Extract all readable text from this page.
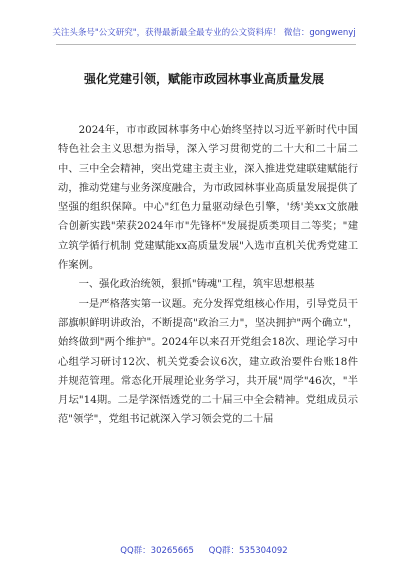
关注头条号"公文研究"，获得最新最全最专业的公文资料库！ 微信：gongwenyj
强化党建引领，赋能市政园林事业高质量发展

2024年，市市政园林事务中心始终坚持以习近平新时代中国特色社会主义思想为指导，深入学习贯彻党的二十大和二十届二中、三中全会精神，突出党建主责主业，深入推进党建联建赋能行动，推动党建与业务深度融合，为市政园林事业高质量发展提供了坚强的组织保障。中心"红色力量驱动绿色引擎，'绣'美xx文旅融合创新实践"荣获2024年市"先锋杯"发展提质类项目二等奖；"建立筑学循行机制 党建赋能xx高质量发展"入选市直机关优秀党建工作案例。

一、强化政治统领，狠抓"铸魂"工程，筑牢思想根基

一是严格落实第一议题。充分发挥党组核心作用，引导党员干部旗帜鲜明讲政治，不断提高"政治三力"，坚决拥护"两个确立"，始终做到"两个维护"。2024年以来召开党组会18次、理论学习中心组学习研讨12次、机关党委会议6次，建立政治要件台账18件并规范管理。常态化开展理论业务学习，共开展"周学"46次，"半月坛"14期。二是学深悟透党的二十届三中全会精神。党组成员示范"领学"，党组书记就深入学习领会党的二十届

QQ群：30265665 QQ群：535304092
